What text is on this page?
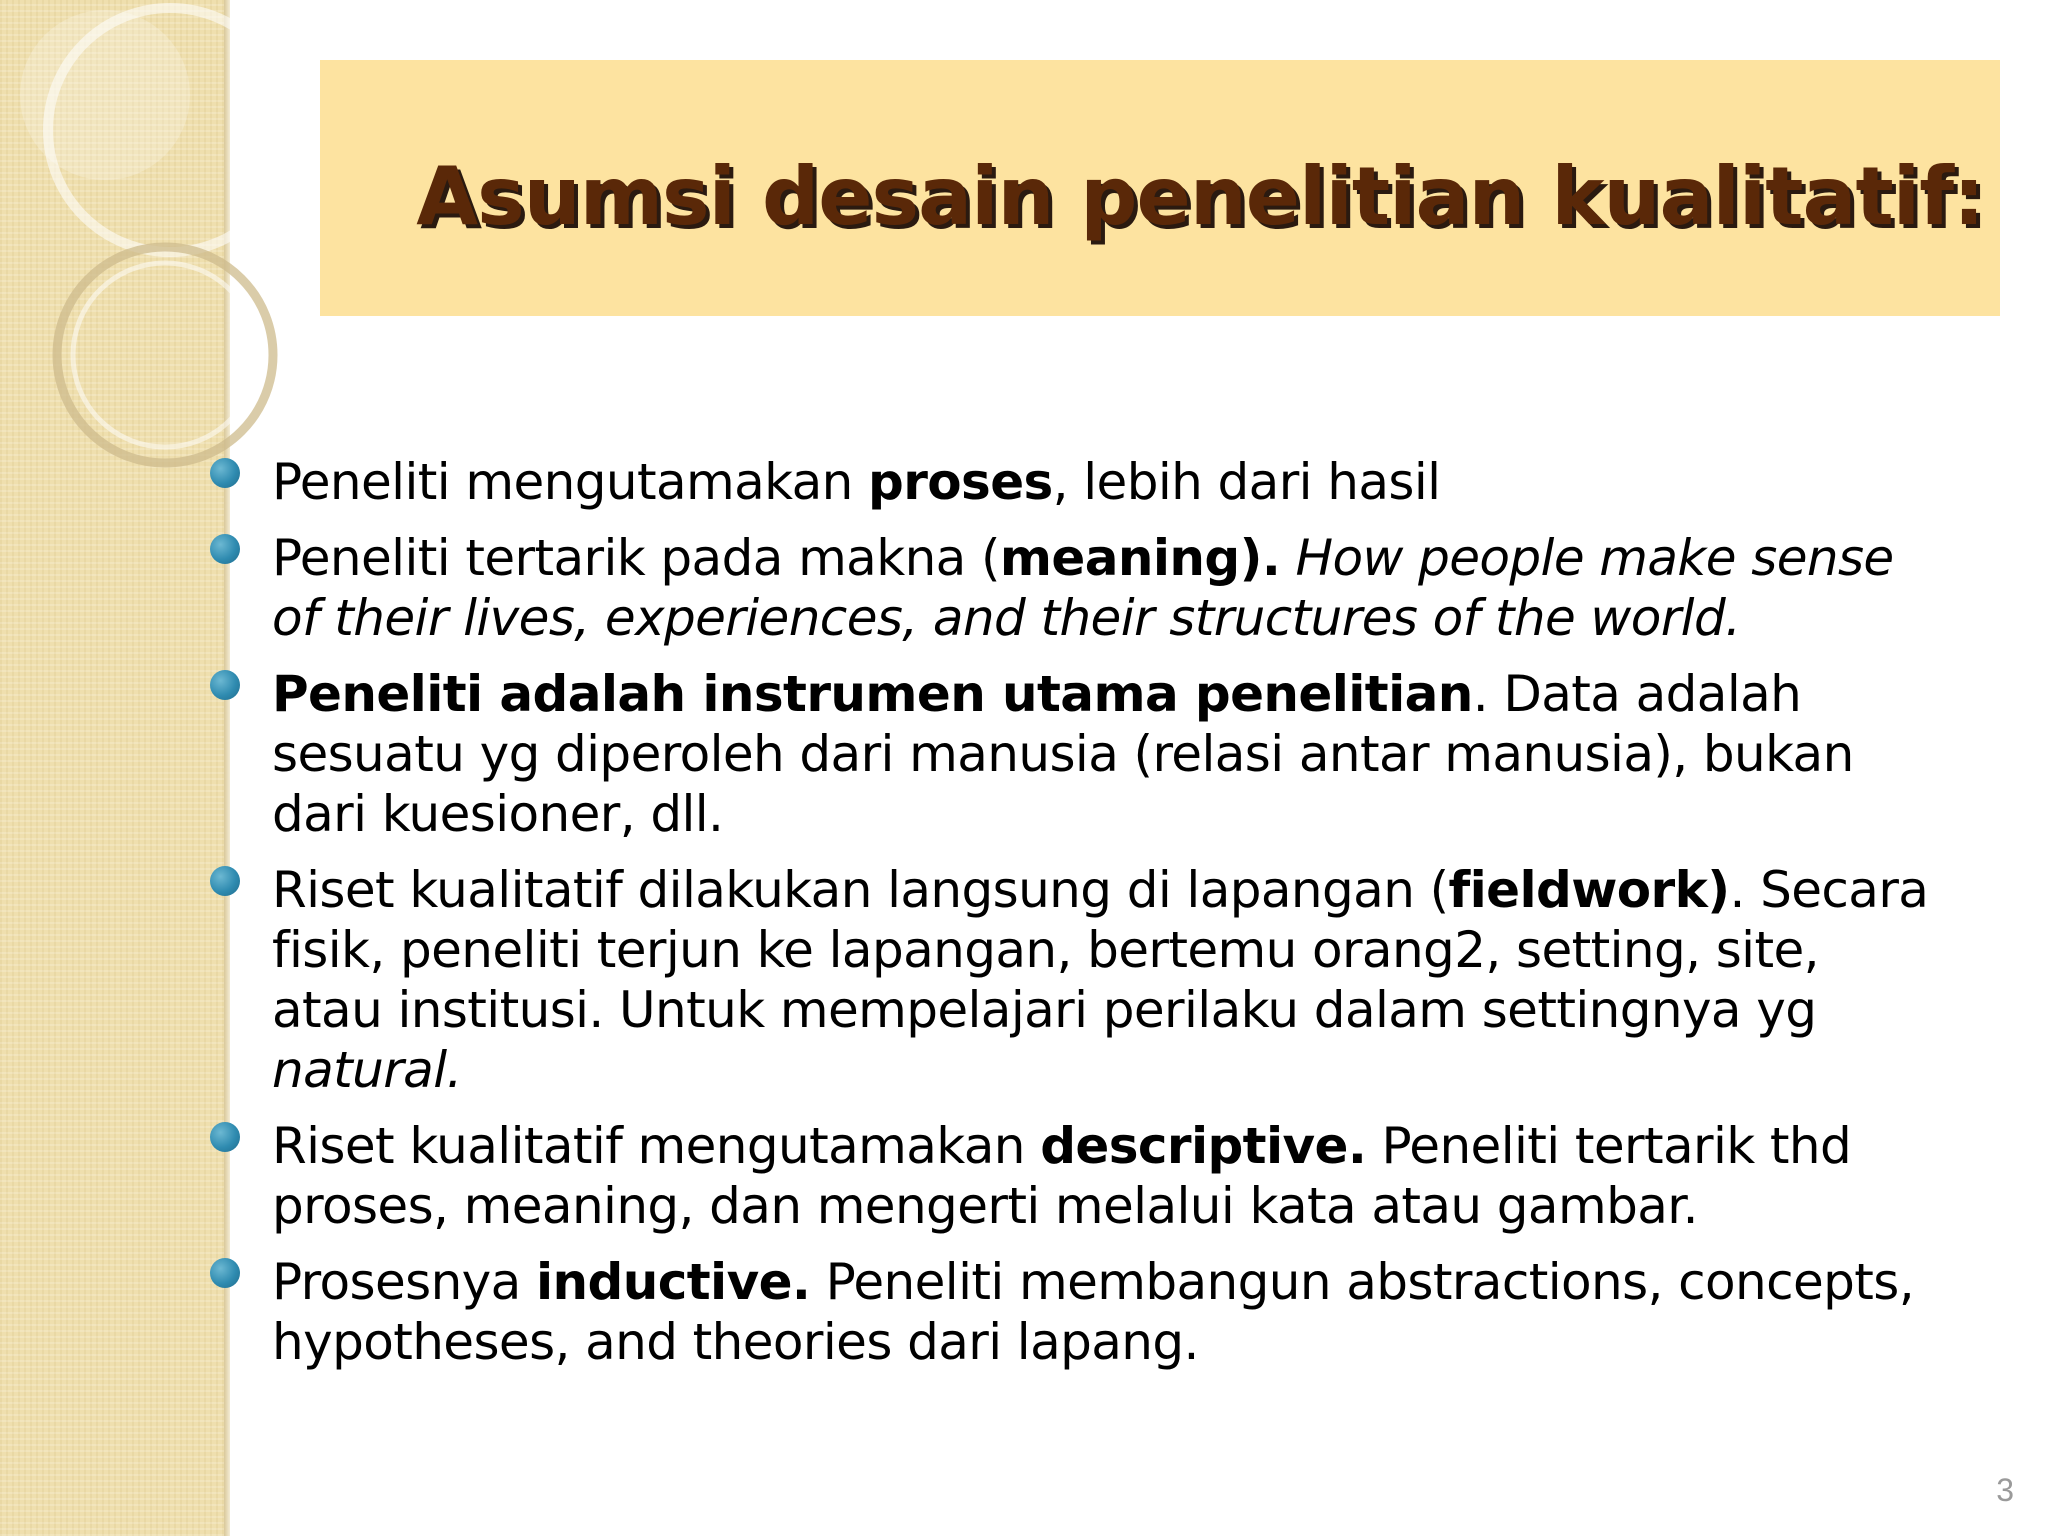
Asumsi desain penelitian kualitatif:
Peneliti mengutamakan proses, lebih dari hasil
Peneliti tertarik pada makna (meaning). How people make sense of their lives, experiences, and their structures of the world.
Peneliti adalah instrumen utama penelitian. Data adalah sesuatu yg diperoleh dari manusia (relasi antar manusia), bukan dari kuesioner, dll.
Riset kualitatif dilakukan langsung di lapangan (fieldwork). Secara fisik, peneliti terjun ke lapangan, bertemu orang2, setting, site, atau institusi. Untuk mempelajari perilaku dalam settingnya yg natural.
Riset kualitatif mengutamakan descriptive. Peneliti tertarik thd proses, meaning, dan mengerti melalui kata atau gambar.
Prosesnya inductive. Peneliti membangun abstractions, concepts, hypotheses, and theories dari lapang.
3
